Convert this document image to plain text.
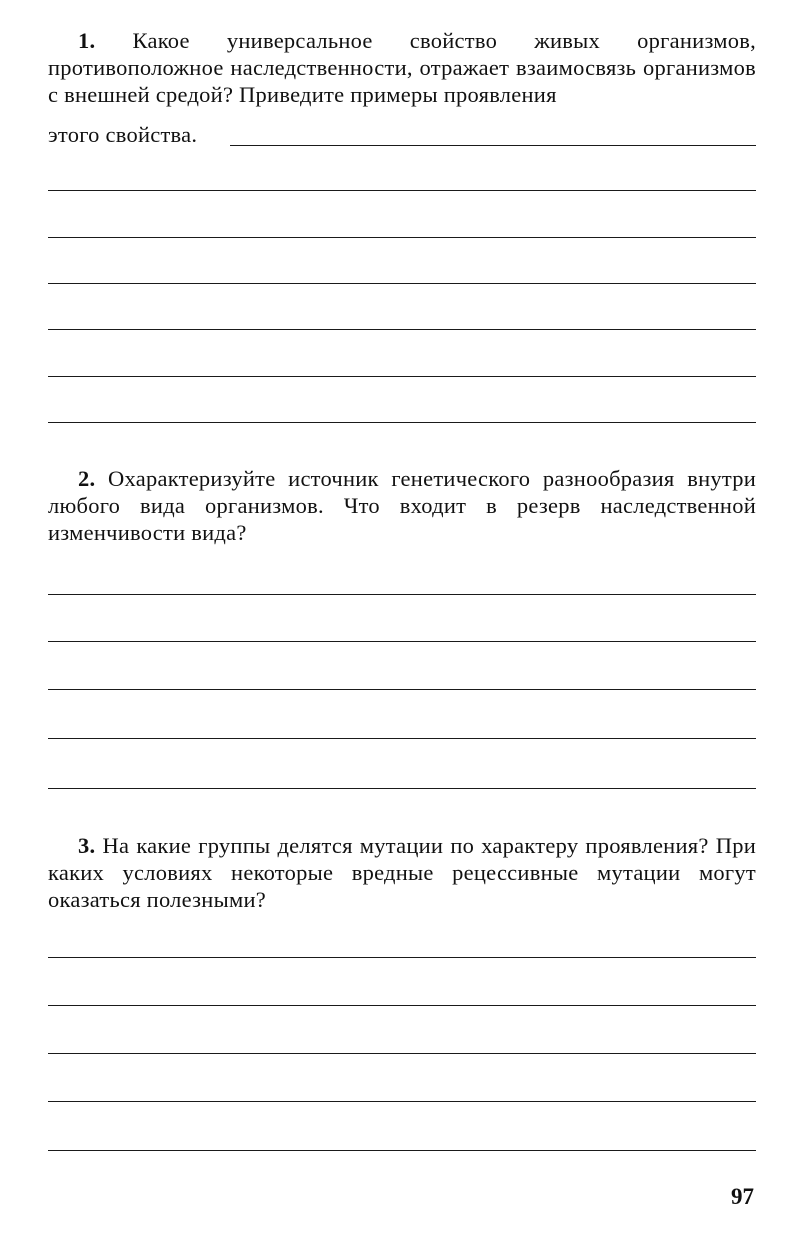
1. Какое универсальное свойство живых организмов, противоположное наследственности, отражает взаимосвязь организмов с внешней средой? Приведите примеры проявления
этого свойства.
2. Охарактеризуйте источник генетического разнообразия внутри любого вида организмов. Что входит в резерв наследственной изменчивости вида?
3. На какие группы делятся мутации по характеру проявления? При каких условиях некоторые вредные рецессивные мутации могут оказаться полезными?
97
